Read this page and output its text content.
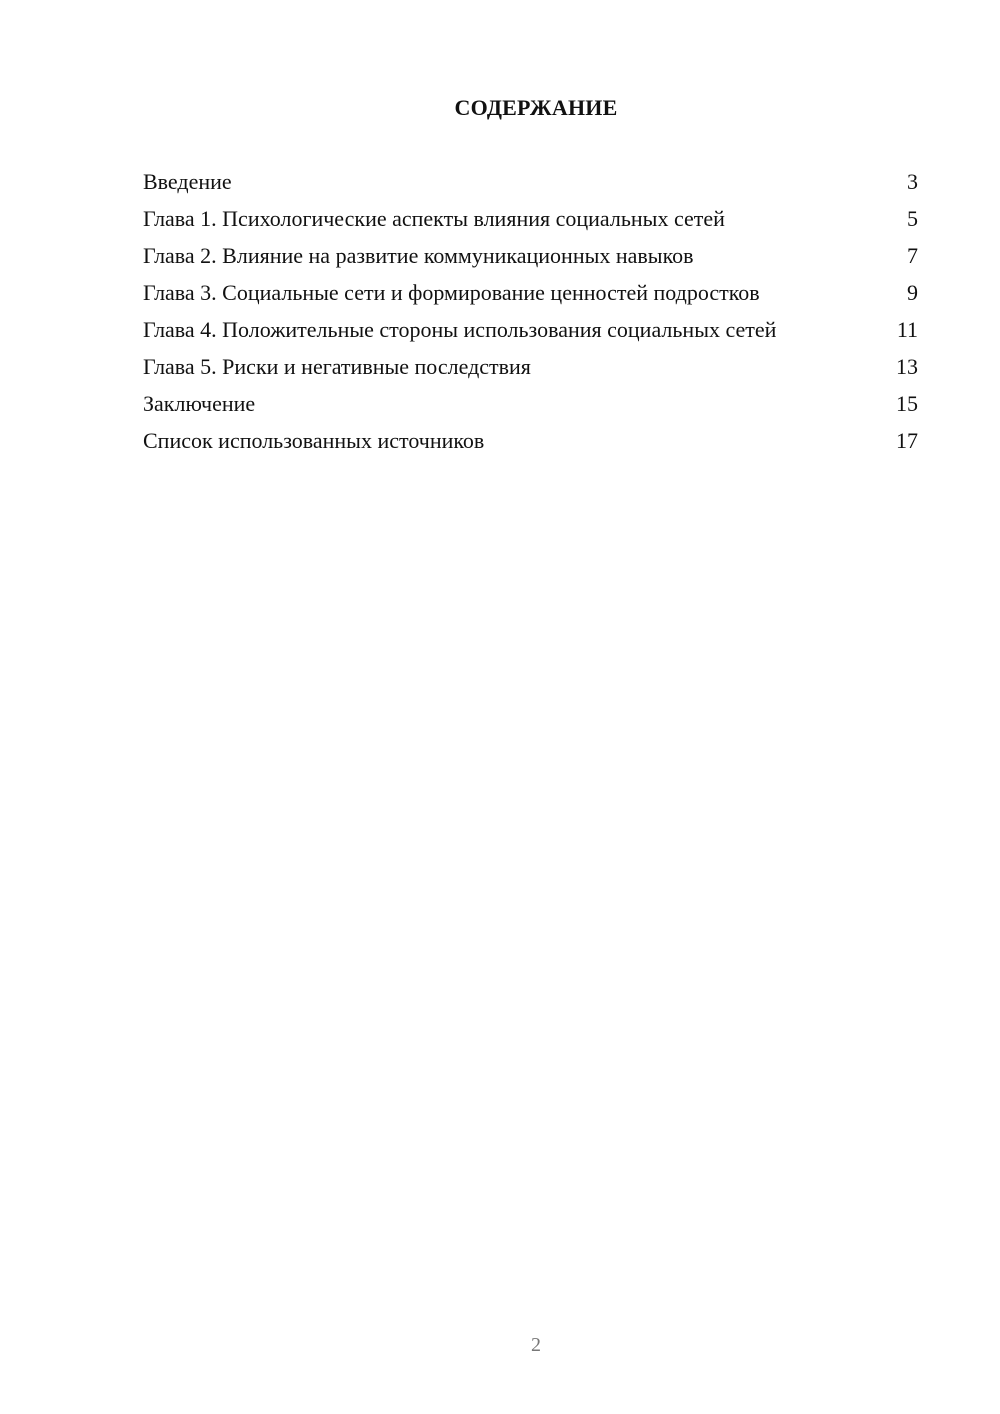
СОДЕРЖАНИЕ
Введение	3
Глава 1. Психологические аспекты влияния социальных сетей	5
Глава 2. Влияние на развитие коммуникационных навыков	7
Глава 3. Социальные сети и формирование ценностей подростков	9
Глава 4. Положительные стороны использования социальных сетей	11
Глава 5. Риски и негативные последствия	13
Заключение	15
Список использованных источников	17
2
